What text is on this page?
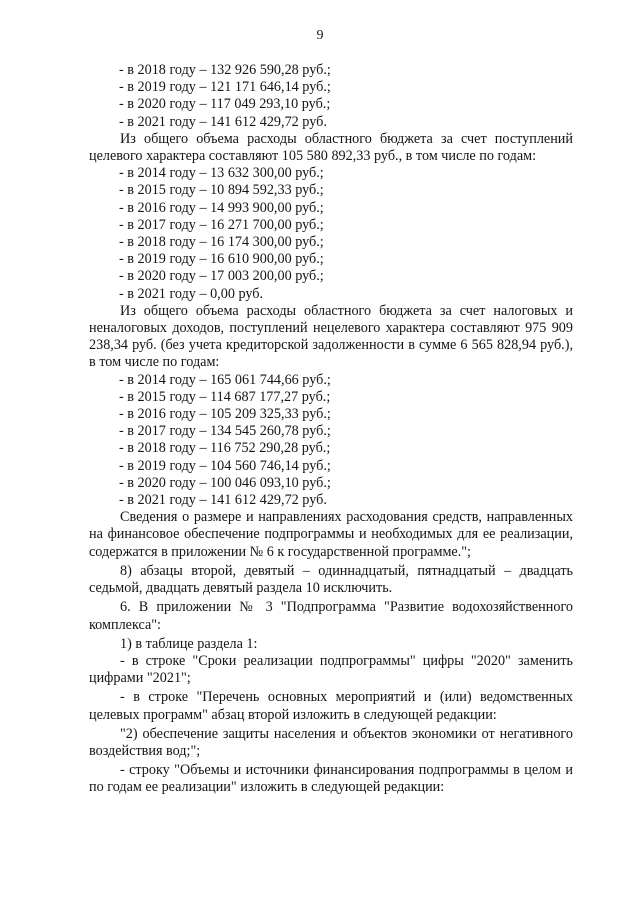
9

- в 2018 году – 132 926 590,28 руб.;

- в 2019 году – 121 171 646,14 руб.;

- в 2020 году – 117 049 293,10 руб.;

- в 2021 году – 141 612 429,72 руб.

Из общего объема расходы областного бюджета за счет поступлений целевого характера составляют 105 580 892,33 руб., в том числе по годам:

- в 2014 году – 13 632 300,00 руб.;

- в 2015 году – 10 894 592,33 руб.;

- в 2016 году – 14 993 900,00 руб.;

- в 2017 году – 16 271 700,00 руб.;

- в 2018 году – 16 174 300,00 руб.;

- в 2019 году – 16 610 900,00 руб.;

- в 2020 году – 17 003 200,00 руб.;

- в 2021 году – 0,00 руб.

Из общего объема расходы областного бюджета за счет налоговых и неналоговых доходов, поступлений нецелевого характера составляют 975 909 238,34 руб. (без учета кредиторской задолженности в сумме 6 565 828,94 руб.), в том числе по годам:

- в 2014 году – 165 061 744,66 руб.;

- в 2015 году – 114 687 177,27 руб.;

- в 2016 году – 105 209 325,33 руб.;

- в 2017 году – 134 545 260,78 руб.;

- в 2018 году – 116 752 290,28 руб.;

- в 2019 году – 104 560 746,14 руб.;

- в 2020 году – 100 046 093,10 руб.;

- в 2021 году – 141 612 429,72 руб.

Сведения о размере и направлениях расходования средств, направленных на финансовое обеспечение подпрограммы и необходимых для ее реализации, содержатся в приложении № 6 к государственной программе.";

8) абзацы второй, девятый – одиннадцатый, пятнадцатый – двадцать седьмой, двадцать девятый раздела 10 исключить.

6. В приложении № 3 "Подпрограмма "Развитие водохозяйственного комплекса":

1) в таблице раздела 1:

- в строке "Сроки реализации подпрограммы" цифры "2020" заменить цифрами "2021";

- в строке "Перечень основных мероприятий и (или) ведомственных целевых программ" абзац второй изложить в следующей редакции:

"2) обеспечение защиты населения и объектов экономики от негативного воздействия вод;";

- строку "Объемы и источники финансирования подпрограммы в целом и по годам ее реализации" изложить в следующей редакции:
